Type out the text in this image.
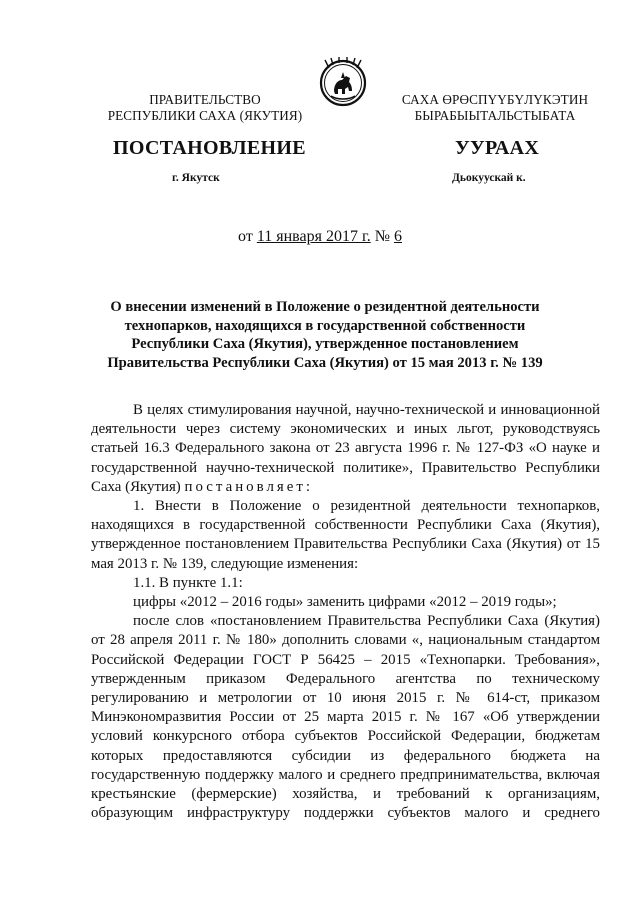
ПРАВИТЕЛЬСТВО
РЕСПУБЛИКИ САХА (ЯКУТИЯ)
САХА ӨРӨСПҮҮБҮЛҮКЭТИН
БЫРАБЫЫТАЛЬСТЫБАТА
ПОСТАНОВЛЕНИЕ	УУРААХ
г. Якутск	Дьокуускай к.
от 11 января 2017 г. № 6
О внесении изменений в Положение о резидентной деятельности
технопарков, находящихся в государственной собственности
Республики Саха (Якутия), утвержденное постановлением
Правительства Республики Саха (Якутия) от 15 мая 2013 г. № 139

В целях стимулирования научной, научно-технической и инновационной деятельности через систему экономических и иных льгот, руководствуясь статьей 16.3 Федерального закона от 23 августа 1996 г. № 127-ФЗ «О науке и государственной научно-технической политике», Правительство Республики Саха (Якутия) постановляет:

1. Внести в Положение о резидентной деятельности технопарков, находящихся в государственной собственности Республики Саха (Якутия), утвержденное постановлением Правительства Республики Саха (Якутия) от 15 мая 2013 г. № 139, следующие изменения:

1.1. В пункте 1.1:

цифры «2012 – 2016 годы» заменить цифрами «2012 – 2019 годы»;

после слов «постановлением Правительства Республики Саха (Якутия) от 28 апреля 2011 г. № 180» дополнить словами «, национальным стандартом Российской Федерации ГОСТ Р 56425 – 2015 «Технопарки. Требования», утвержденным приказом Федерального агентства по техническому регулированию и метрологии от 10 июня 2015 г. № 614-ст, приказом Минэкономразвития России от 25 марта 2015 г. № 167 «Об утверждении условий конкурсного отбора субъектов Российской Федерации, бюджетам которых предоставляются субсидии из федерального бюджета на государственную поддержку малого и среднего предпринимательства, включая крестьянские (фермерские) хозяйства, и требований к организациям, образующим инфраструктуру поддержки субъектов малого и среднего
